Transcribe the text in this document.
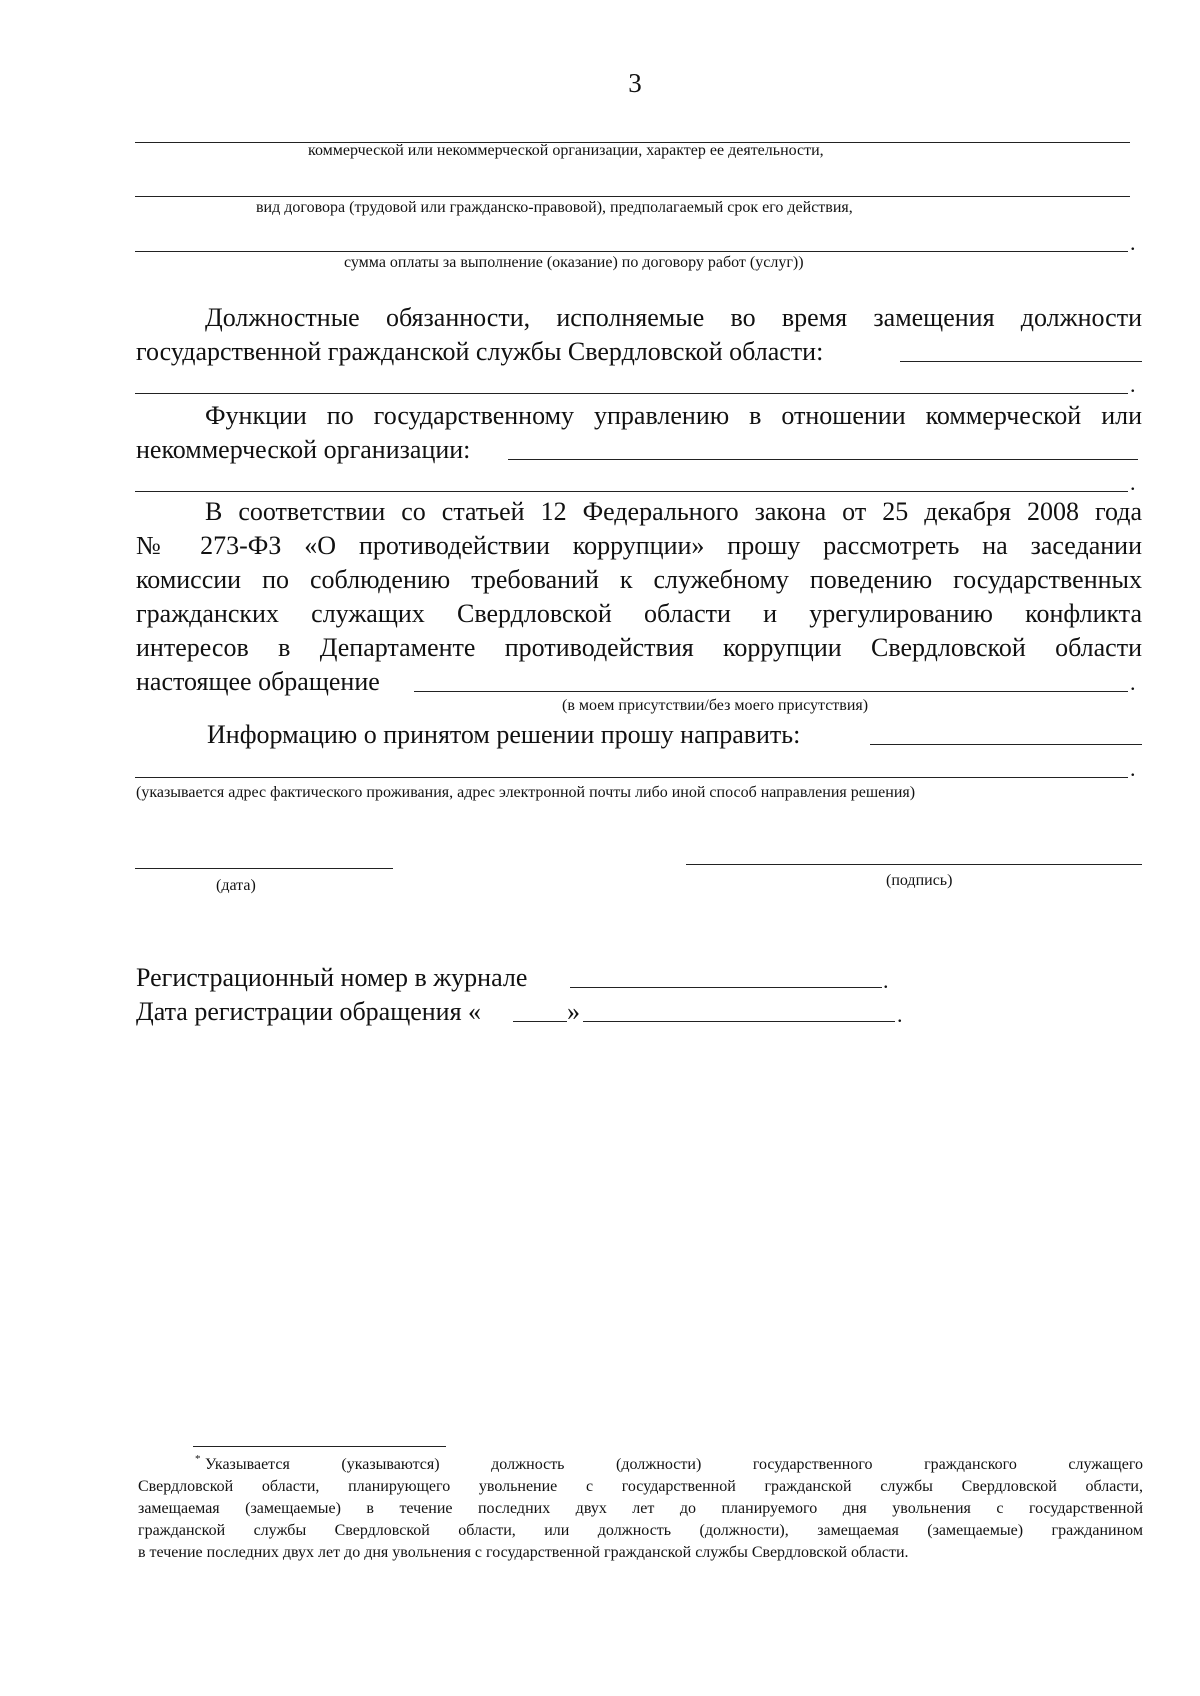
3
коммерческой или некоммерческой организации, характер ее деятельности,
вид договора (трудовой или гражданско-правовой), предполагаемый срок его действия,
.
сумма оплаты за выполнение (оказание) по договору работ (услуг))
Должностные обязанности, исполняемые во время замещения должности
государственной гражданской службы Свердловской области:
.
Функции по государственному управлению в отношении коммерческой или
некоммерческой организации:
.
В соответствии со статьей 12 Федерального закона от 25 декабря 2008 года
№ 273-ФЗ «О противодействии коррупции» прошу рассмотреть на заседании
комиссии по соблюдению требований к служебному поведению государственных
гражданских служащих Свердловской области и урегулированию конфликта
интересов в Департаменте противодействия коррупции Свердловской области
настоящее обращение	.
(в моем присутствии/без моего присутствия)
Информацию о принятом решении прошу направить:
.
(указывается адрес фактического проживания, адрес электронной почты либо иной способ направления решения)
(дата)	(подпись)
Регистрационный номер в журнале	.
Дата регистрации обращения «	»	.
* Указывается (указываются) должность (должности) государственного гражданского служащего
Свердловской области, планирующего увольнение с государственной гражданской службы Свердловской области,
замещаемая (замещаемые) в течение последних двух лет до планируемого дня увольнения с государственной
гражданской службы Свердловской области, или должность (должности), замещаемая (замещаемые) гражданином
в течение последних двух лет до дня увольнения с государственной гражданской службы Свердловской области.
